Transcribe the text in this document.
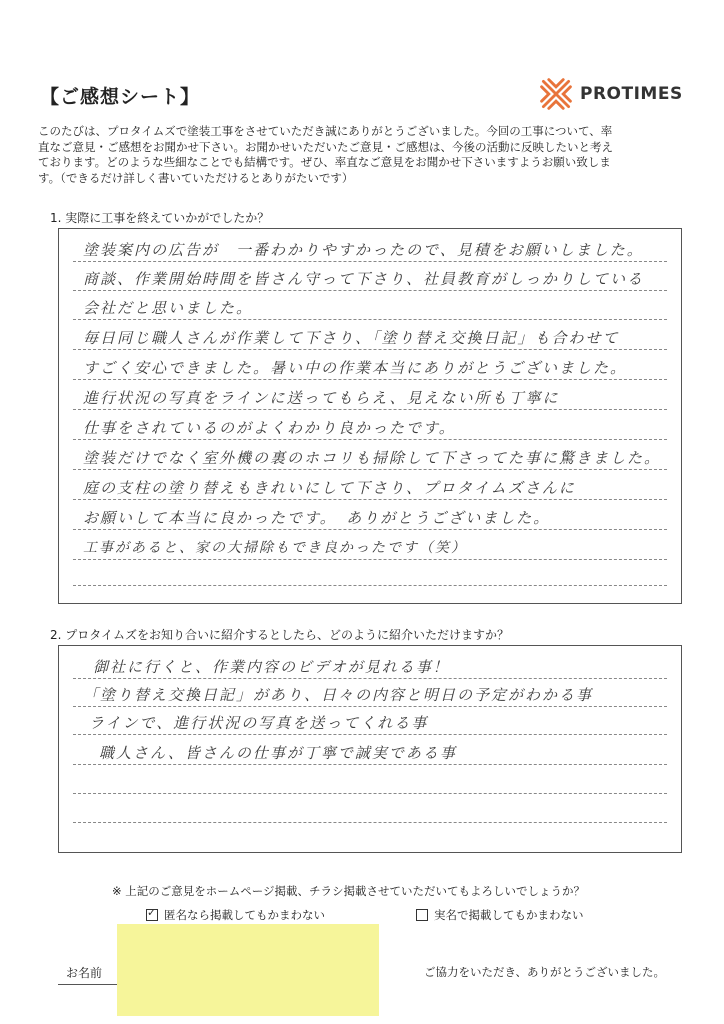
【ご感想シート】	PROTIMES
このたびは、プロタイムズで塗装工事をさせていただき誠にありがとうございました。今回の工事について、率
直なご意見・ご感想をお聞かせ下さい。お聞かせいただいたご意見・ご感想は、今後の活動に反映したいと考え
ております。どのような些細なことでも結構です。ぜひ、率直なご意見をお聞かせ下さいますようお願い致しま
す。（できるだけ詳しく書いていただけるとありがたいです）
1. 実際に工事を終えていかがでしたか？
塗装案内の広告が　一番わかりやすかったので、見積をお願いしました。
商談、作業開始時間を皆さん守って下さり、社員教育がしっかりしている
会社だと思いました。
毎日同じ職人さんが作業して下さり、「塗り替え交換日記」も合わせて
すごく安心できました。暑い中の作業本当にありがとうございました。
進行状況の写真をラインに送ってもらえ、見えない所も丁寧に
仕事をされているのがよくわかり良かったです。
塗装だけでなく室外機の裏のホコリも掃除して下さってた事に驚きました。
庭の支柱の塗り替えもきれいにして下さり、プロタイムズさんに
お願いして本当に良かったです。　ありがとうございました。
工事があると、家の大掃除もでき良かったです（笑）
2. プロタイムズをお知り合いに紹介するとしたら、どのように紹介いただけますか？
御社に行くと、作業内容のビデオが見れる事！
「塗り替え交換日記」があり、日々の内容と明日の予定がわかる事
ラインで、進行状況の写真を送ってくれる事
職人さん、皆さんの仕事が丁寧で誠実である事
※ 上記のご意見をホームページ掲載、チラシ掲載させていただいてもよろしいでしょうか？
✓ 匿名なら掲載してもかまわない	実名で掲載してもかまわない
お名前	ご協力をいただき、ありがとうございました。
